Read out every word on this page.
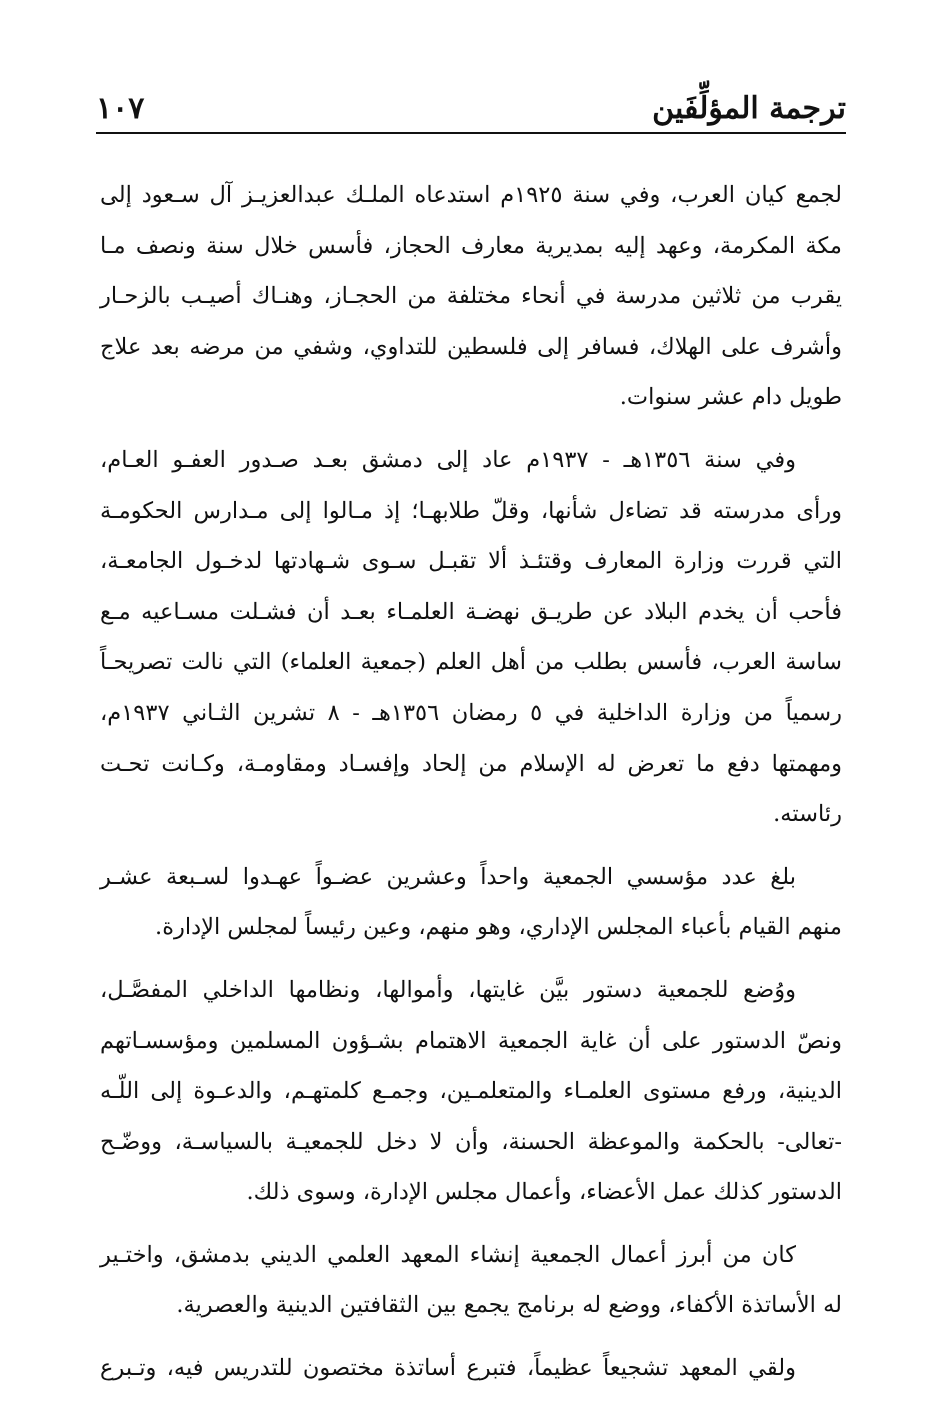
ترجمة المؤلِّفَين
١٠٧

لجمع كيان العرب، وفي سنة ١٩٢٥م استدعاه الملـك عبدالعزيـز آل سـعود إلى
مكة المكرمة، وعهد إليه بمديرية معارف الحجاز، فأسس خلال سنة ونصف مـا
يقرب من ثلاثين مدرسة في أنحاء مختلفة من الحجـاز، وهنـاك أصيـب بالزحـار
وأشرف على الهلاك، فسافر إلى فلسطين للتداوي، وشفي من مرضه بعد علاج
طويل دام عشر سنوات.

وفي سنة ١٣٥٦هـ - ١٩٣٧م عاد إلى دمشق بعـد صـدور العفـو العـام،
ورأى مدرسته قد تضاءل شأنها، وقلّ طلابهـا؛ إذ مـالوا إلى مـدارس الحكومـة
التي قررت وزارة المعارف وقتئـذ ألا تقبـل سـوى شـهادتها لدخـول الجامعـة،
فأحب أن يخدم البلاد عن طريـق نهضـة العلمـاء بعـد أن فشـلت مسـاعيه مـع
ساسة العرب، فأسس بطلب من أهل العلم (جمعية العلماء) التي نالت تصريحـاً
رسمياً من وزارة الداخلية في ٥ رمضان ١٣٥٦هـ - ٨ تشرين الثـاني ١٩٣٧م،
ومهمتها دفع ما تعرض له الإسلام من إلحاد وإفسـاد ومقاومـة، وكـانت تحـت
رئاسته.

بلغ عدد مؤسسي الجمعية واحداً وعشرين عضـواً عهـدوا لسـبعة عشـر
منهم القيام بأعباء المجلس الإداري، وهو منهم، وعين رئيساً لمجلس الإدارة.

ووُضع للجمعية دستور بيَّن غايتها، وأموالها، ونظامها الداخلي المفصَّـل،
ونصّ الدستور على أن غاية الجمعية الاهتمام بشـؤون المسلمين ومؤسسـاتهم
الدينية، ورفع مستوى العلمـاء والمتعلمـين، وجمـع كلمتهـم، والدعـوة إلى اللّـه
-تعالى- بالحكمة والموعظة الحسنة، وأن لا دخل للجمعيـة بالسياسـة، ووضّـح
الدستور كذلك عمل الأعضاء، وأعمال مجلس الإدارة، وسوى ذلك.

كان من أبرز أعمال الجمعية إنشاء المعهد العلمي الديني بدمشق، واختـير
له الأساتذة الأكفاء، ووضع له برنامج يجمع بين الثقافتين الدينية والعصرية.

ولقي المعهد تشجيعاً عظيماً، فتبرع أساتذة مختصون للتدريس فيه، وتـبرع
